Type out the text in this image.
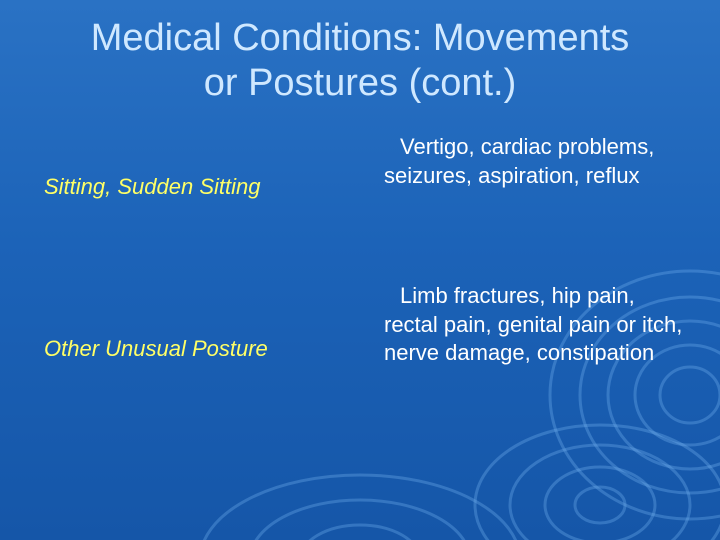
Medical Conditions: Movements
or Postures (cont.)
Sitting, Sudden Sitting
Vertigo, cardiac problems, seizures, aspiration, reflux
Other Unusual Posture
Limb fractures, hip pain, rectal pain, genital pain or itch, nerve damage, constipation
